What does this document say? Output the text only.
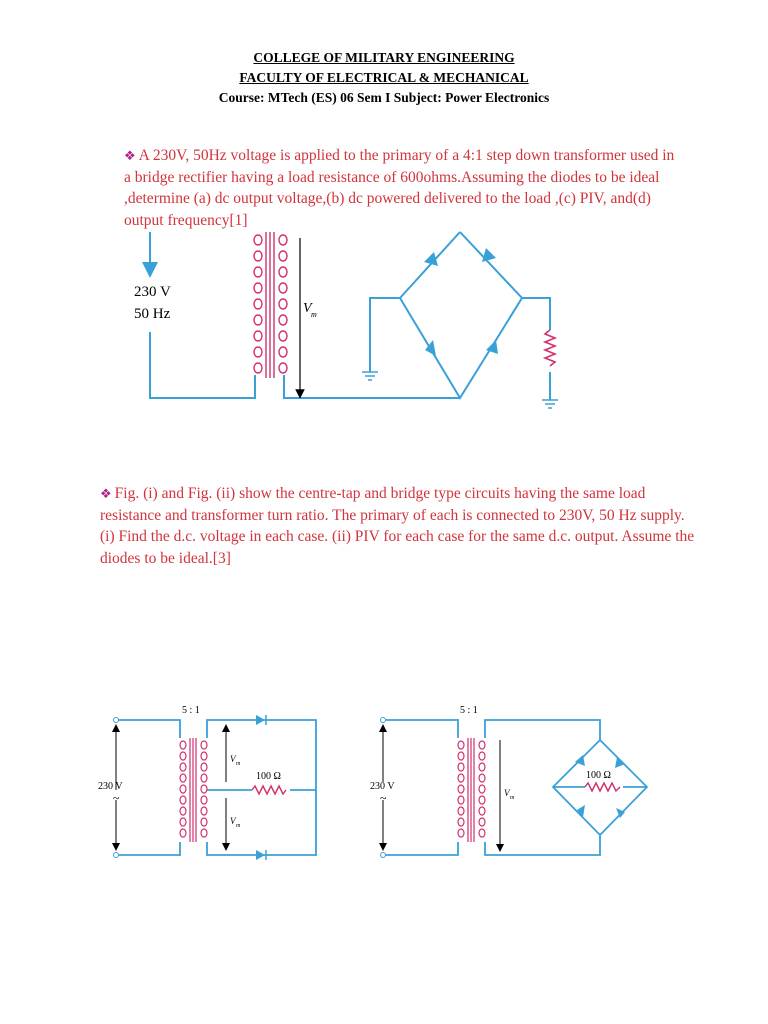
COLLEGE OF MILITARY ENGINEERING
FACULTY OF ELECTRICAL & MECHANICAL
Course: MTech (ES) 06 Sem I Subject: Power Electronics

❖ A 230V, 50Hz voltage is applied to the primary of a 4:1 step down transformer used in a bridge rectifier having a load resistance of 600ohms.Assuming the diodes to be ideal ,determine (a) dc output voltage,(b) dc powered delivered to the load ,(c) PIV, and(d) output frequency[1]

❖ Fig. (i) and Fig. (ii) show the centre-tap and bridge type circuits having the same load resistance and transformer turn ratio. The primary of each is connected to 230V, 50 Hz supply. (i) Find the d.c. voltage in each case. (ii) PIV for each case for the same d.c. output. Assume the diodes to be ideal.[3]

230 V
50 Hz	V m
5 : 1
230 V
~
100 Ω
V m
V m
5 : 1
230 V
~
100 Ω
V m
